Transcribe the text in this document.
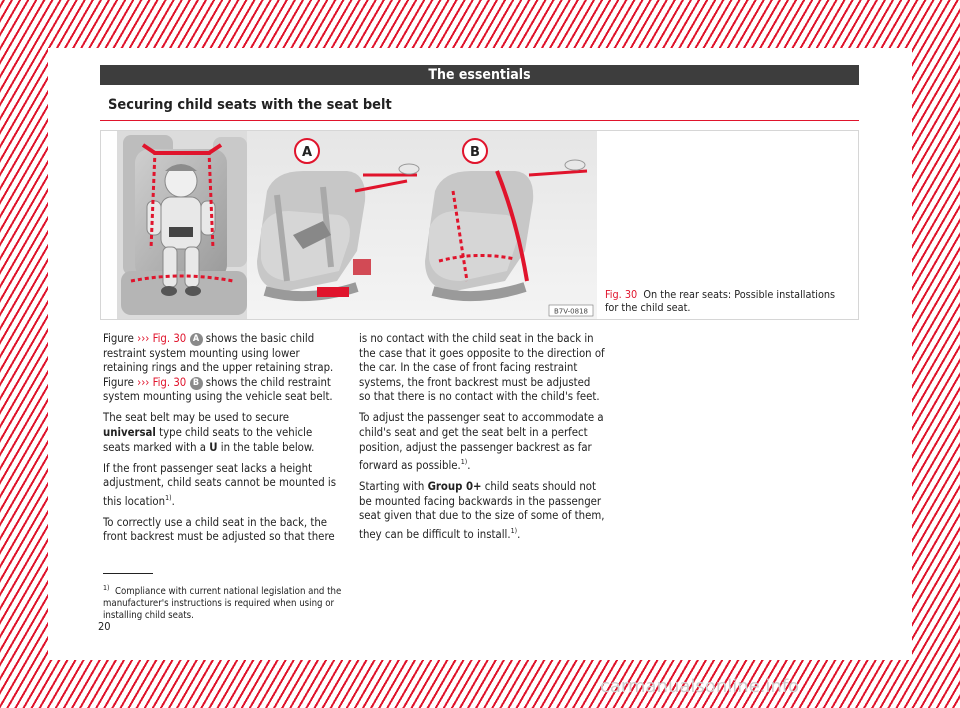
The essentials
Securing child seats with the seat belt
A	B
B7V-0818
Fig. 30 On the rear seats: Possible installations for the child seat.

Figure ››› Fig. 30 A shows the basic child restraint system mounting using lower retaining rings and the upper retaining strap. Figure ››› Fig. 30 B shows the child restraint system mounting using the vehicle seat belt.

The seat belt may be used to secure universal type child seats to the vehicle seats marked with a U in the table below.

If the front passenger seat lacks a height adjustment, child seats cannot be mounted is this location$^{1)}$.

To correctly use a child seat in the back, the front backrest must be adjusted so that there

is no contact with the child seat in the back in the case that it goes opposite to the direction of the car. In the case of front facing restraint systems, the front backrest must be adjusted so that there is no contact with the child's feet.

To adjust the passenger seat to accommodate a child's seat and get the seat belt in a perfect position, adjust the passenger backrest as far forward as possible.$^{1)}$.

Starting with Group 0+ child seats should not be mounted facing backwards in the passenger seat given that due to the size of some of them, they can be difficult to install.$^{1)}$.

$^{1)}$ Compliance with current national legislation and the manufacturer's instructions is required when using or installing child seats.
20
carmanualsonline.info
